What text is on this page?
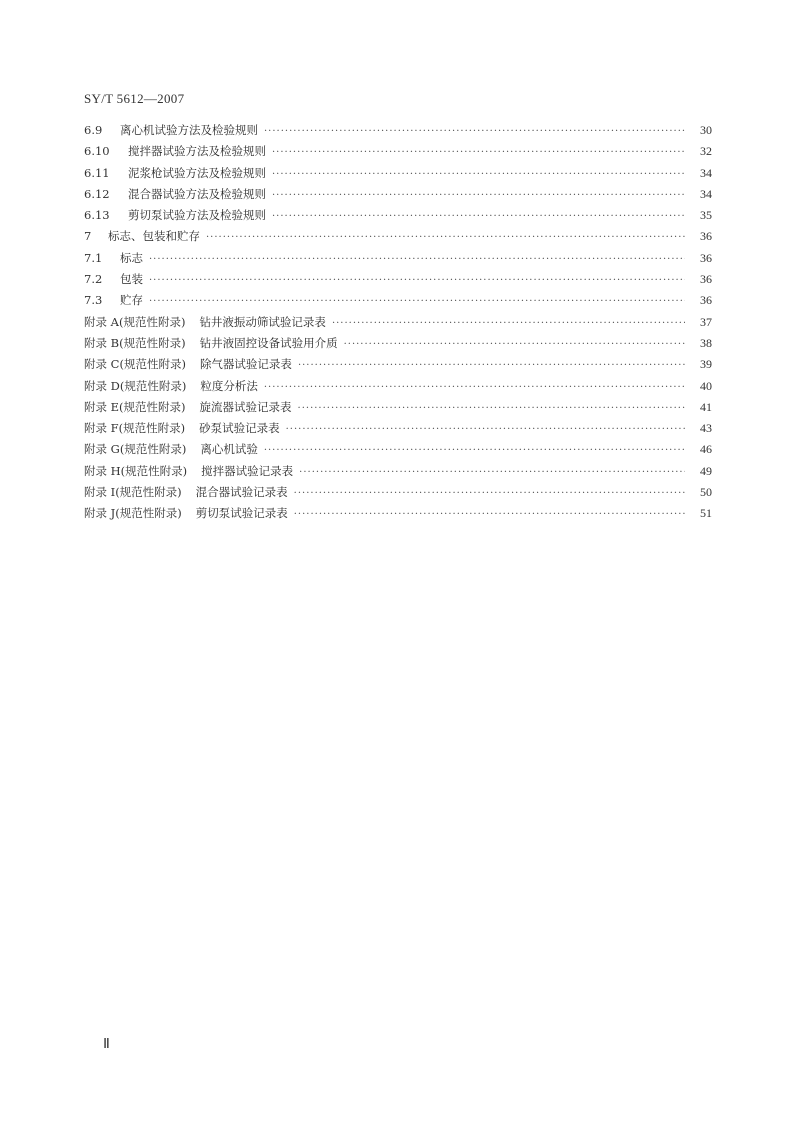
SY/T 5612—2007
6.9	离心机试验方法及检验规则 ·····	30
6.10	搅拌器试验方法及检验规则 ·····	32
6.11	泥浆枪试验方法及检验规则 ·····	34
6.12	混合器试验方法及检验规则 ·····	34
6.13	剪切泵试验方法及检验规则 ·····	35
7	标志、包装和贮存 ·····	36
7.1	标志 ·····	36
7.2	包装 ·····	36
7.3	贮存 ·····	36
附录 A(规范性附录) 钻井液振动筛试验记录表 ·····	37
附录 B(规范性附录) 钻井液固控设备试验用介质 ·····	38
附录 C(规范性附录) 除气器试验记录表 ·····	39
附录 D(规范性附录) 粒度分析法 ·····	40
附录 E(规范性附录) 旋流器试验记录表 ·····	41
附录 F(规范性附录) 砂泵试验记录表 ·····	43
附录 G(规范性附录) 离心机试验 ·····	46
附录 H(规范性附录) 搅拌器试验记录表 ·····	49
附录 I(规范性附录) 混合器试验记录表 ·····	50
附录 J(规范性附录) 剪切泵试验记录表 ·····	51
Ⅱ
